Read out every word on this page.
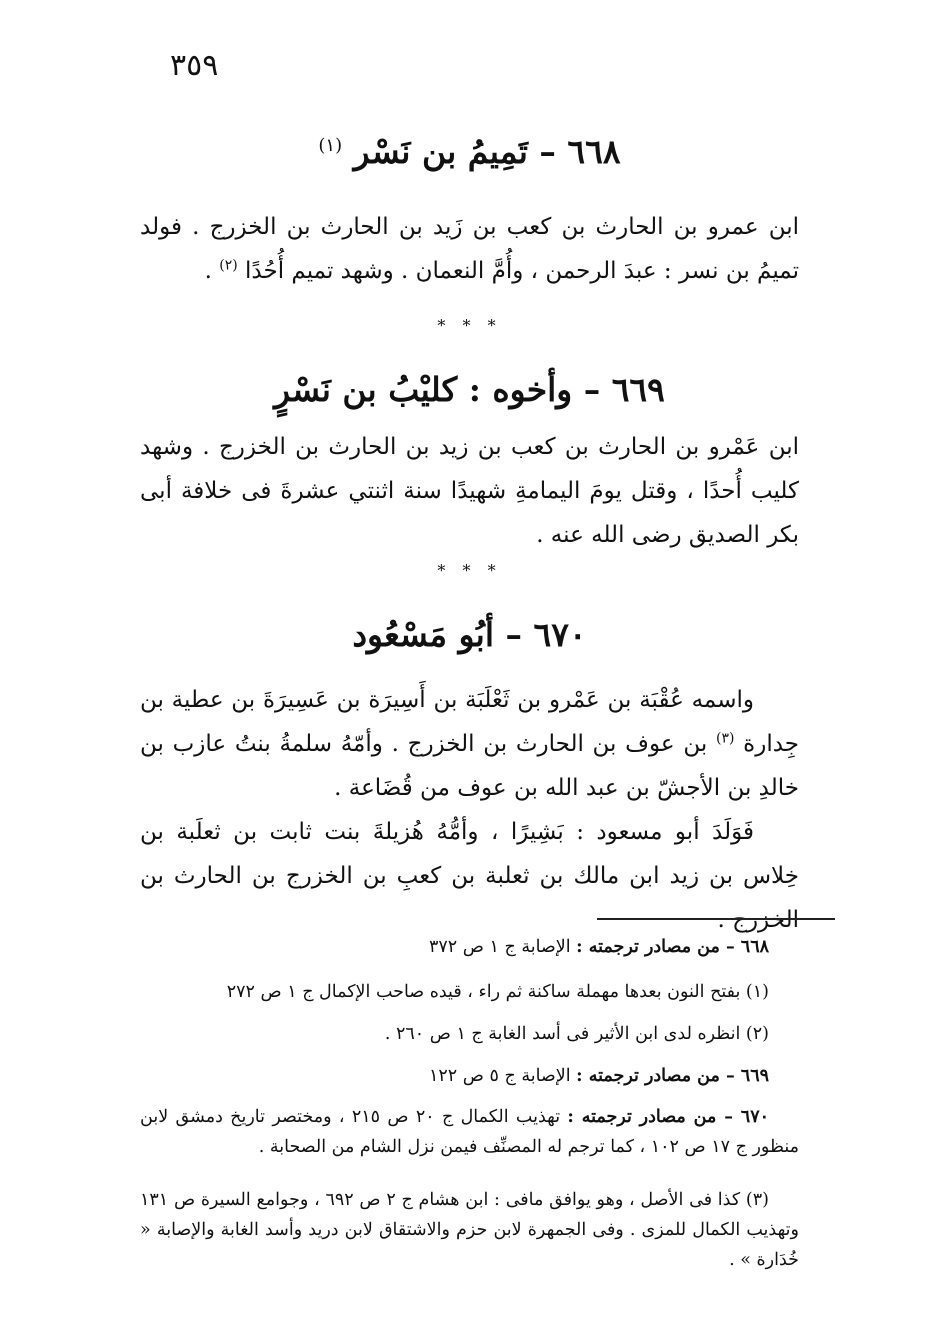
٣٥٩
٦٦٨ – تَمِيمُ بن نَسْر $^{(١)}$
ابن عمرو بن الحارث بن كعب بن زَيد بن الحارث بن الخزرج . فولد تميمُ بن نسر : عبدَ الرحمن ، وأُمَّ النعمان . وشهد تميم أُحُدًا $^{(٢)}$ .
* * *
٦٦٩ – وأخوه : كليْبُ بن نَسْرٍ
ابن عَمْرو بن الحارث بن كعب بن زيد بن الحارث بن الخزرج . وشهد كليب أُحدًا ، وقتل يومَ اليمامةِ شهيدًا سنة اثنتي عشرةَ فى خلافة أبى بكر الصديق رضى الله عنه .
* * *
٦٧٠ – أبُو مَسْعُود
واسمه عُقْبَة بن عَمْرو بن ثَعْلَبَة بن أَسِيرَة بن عَسِيرَةَ بن عطية بن جِدارة $^{(٣)}$ بن عوف بن الحارث بن الخزرج . وأمّهُ سلمةُ بنتُ عازب بن خالدِ بن الأجشّ بن عبد الله بن عوف من قُضَاعة .
فَوَلَدَ أبو مسعود : بَشِيرًا ، وأمُّهُ هُزيلةَ بنت ثابت بن ثعلَبة بن خِلاس بن زيد ابن مالك بن ثعلبة بن كعبِ بن الخزرج بن الحارث بن الخزرج .
٦٦٨ – من مصادر ترجمته : الإصابة ج ١ ص ٣٧٢
(١) بفتح النون بعدها مهملة ساكنة ثم راء ، قيده صاحب الإكمال ج ١ ص ٢٧٢
(٢) انظره لدى ابن الأثير فى أسد الغابة ج ١ ص ٢٦٠ .
٦٦٩ – من مصادر ترجمته : الإصابة ج ٥ ص ١٢٢
٦٧٠ – من مصادر ترجمته : تهذيب الكمال ج ٢٠ ص ٢١٥ ، ومختصر تاريخ دمشق لابن منظور ج ١٧ ص ١٠٢ ، كما ترجم له المصنِّف فيمن نزل الشام من الصحابة .
(٣) كذا فى الأصل ، وهو يوافق مافى : ابن هشام ج ٢ ص ٦٩٢ ، وجوامع السيرة ص ١٣١ وتهذيب الكمال للمزى . وفى الجمهرة لابن حزم والاشتقاق لابن دريد وأسد الغابة والإصابة « خُدَارة » .
